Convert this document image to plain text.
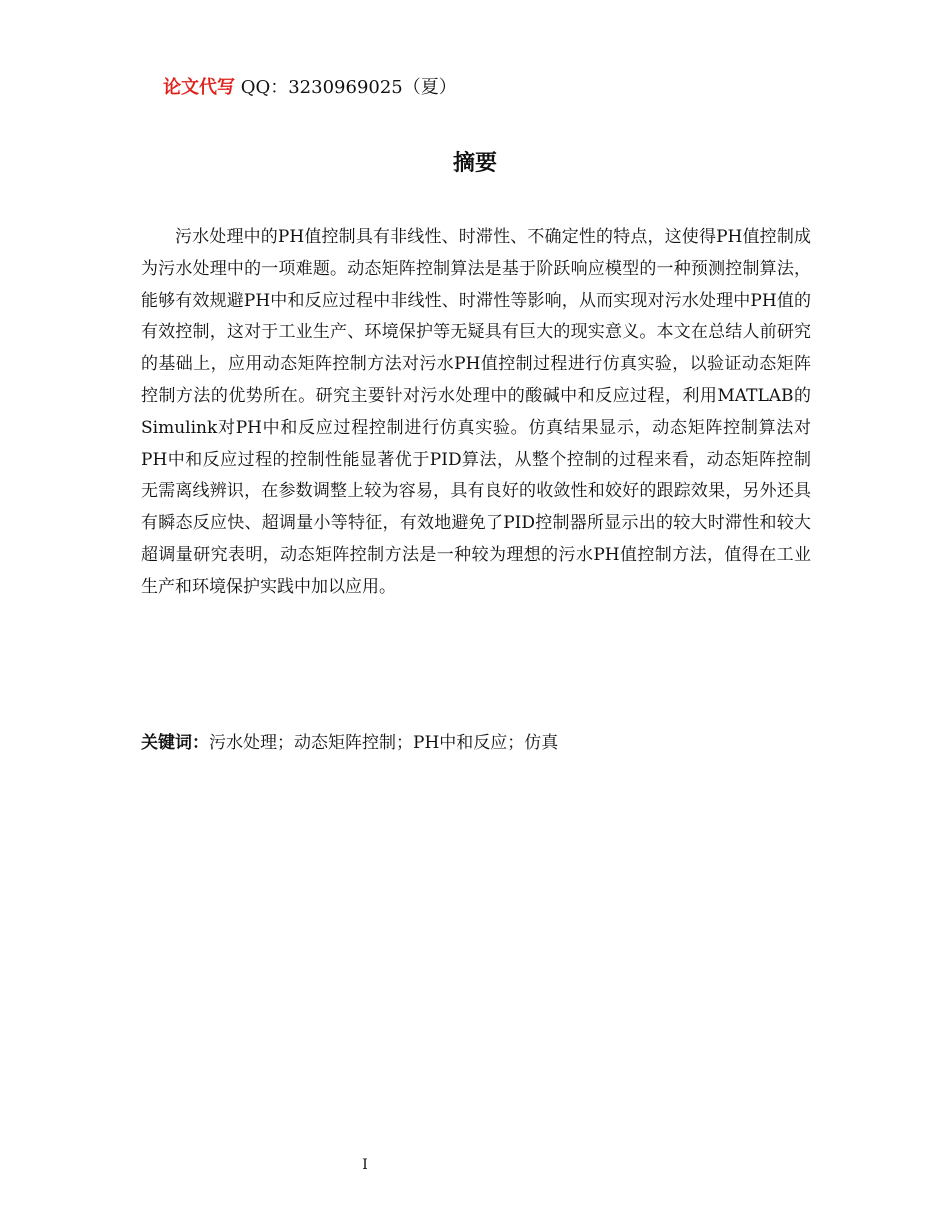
论文代写 QQ：3230969025（夏）
摘要

污水处理中的PH值控制具有非线性、时滞性、不确定性的特点，这使得PH值控制成为污水处理中的一项难题。动态矩阵控制算法是基于阶跃响应模型的一种预测控制算法，能够有效规避PH中和反应过程中非线性、时滞性等影响，从而实现对污水处理中PH值的有效控制，这对于工业生产、环境保护等无疑具有巨大的现实意义。本文在总结人前研究的基础上，应用动态矩阵控制方法对污水PH值控制过程进行仿真实验，以验证动态矩阵控制方法的优势所在。研究主要针对污水处理中的酸碱中和反应过程，利用MATLAB的Simulink对PH中和反应过程控制进行仿真实验。仿真结果显示，动态矩阵控制算法对PH中和反应过程的控制性能显著优于PID算法，从整个控制的过程来看，动态矩阵控制无需离线辨识，在参数调整上较为容易，具有良好的收敛性和姣好的跟踪效果，另外还具有瞬态反应快、超调量小等特征，有效地避免了PID控制器所显示出的较大时滞性和较大超调量研究表明，动态矩阵控制方法是一种较为理想的污水PH值控制方法，值得在工业生产和环境保护实践中加以应用。

关键词：污水处理；动态矩阵控制；PH中和反应；仿真
I
